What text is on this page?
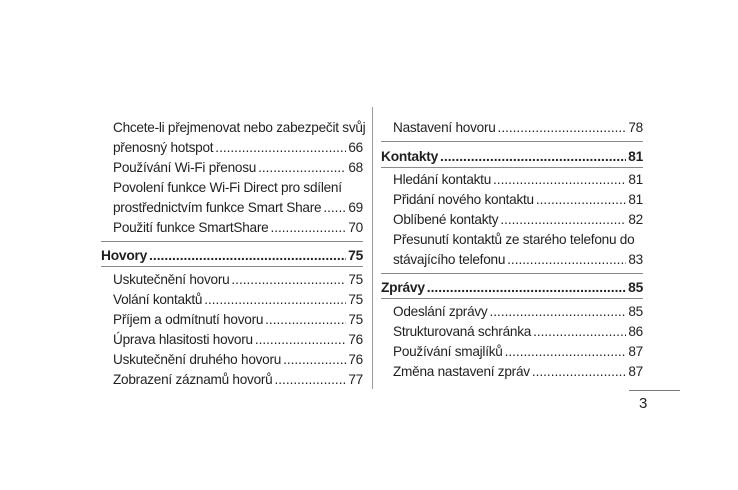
Chcete-li přejmenovat nebo zabezpečit svůj
přenosný hotspot .....	66
Používání Wi-Fi přenosu .....	68
Povolení funkce Wi-Fi Direct pro sdílení
prostřednictvím funkce Smart Share ..... 69
Použití funkce SmartShare .....	70
Hovory .....	75
Uskutečnění hovoru .....	75
Volání kontaktů .....	75
Příjem a odmítnutí hovoru .....	75
Úprava hlasitosti hovoru .....	76
Uskutečnění druhého hovoru .....	76
Zobrazení záznamů hovorů .....	77
Nastavení hovoru .....	78
Kontakty .....	81
Hledání kontaktu .....	81
Přidání nového kontaktu .....	81
Oblíbené kontakty .....	82
Přesunutí kontaktů ze starého telefonu do
stávajícího telefonu .....	83
Zprávy .....	85
Odeslání zprávy .....	85
Strukturovaná schránka .....	86
Používání smajlíků .....	87
Změna nastavení zpráv .....	87
3
